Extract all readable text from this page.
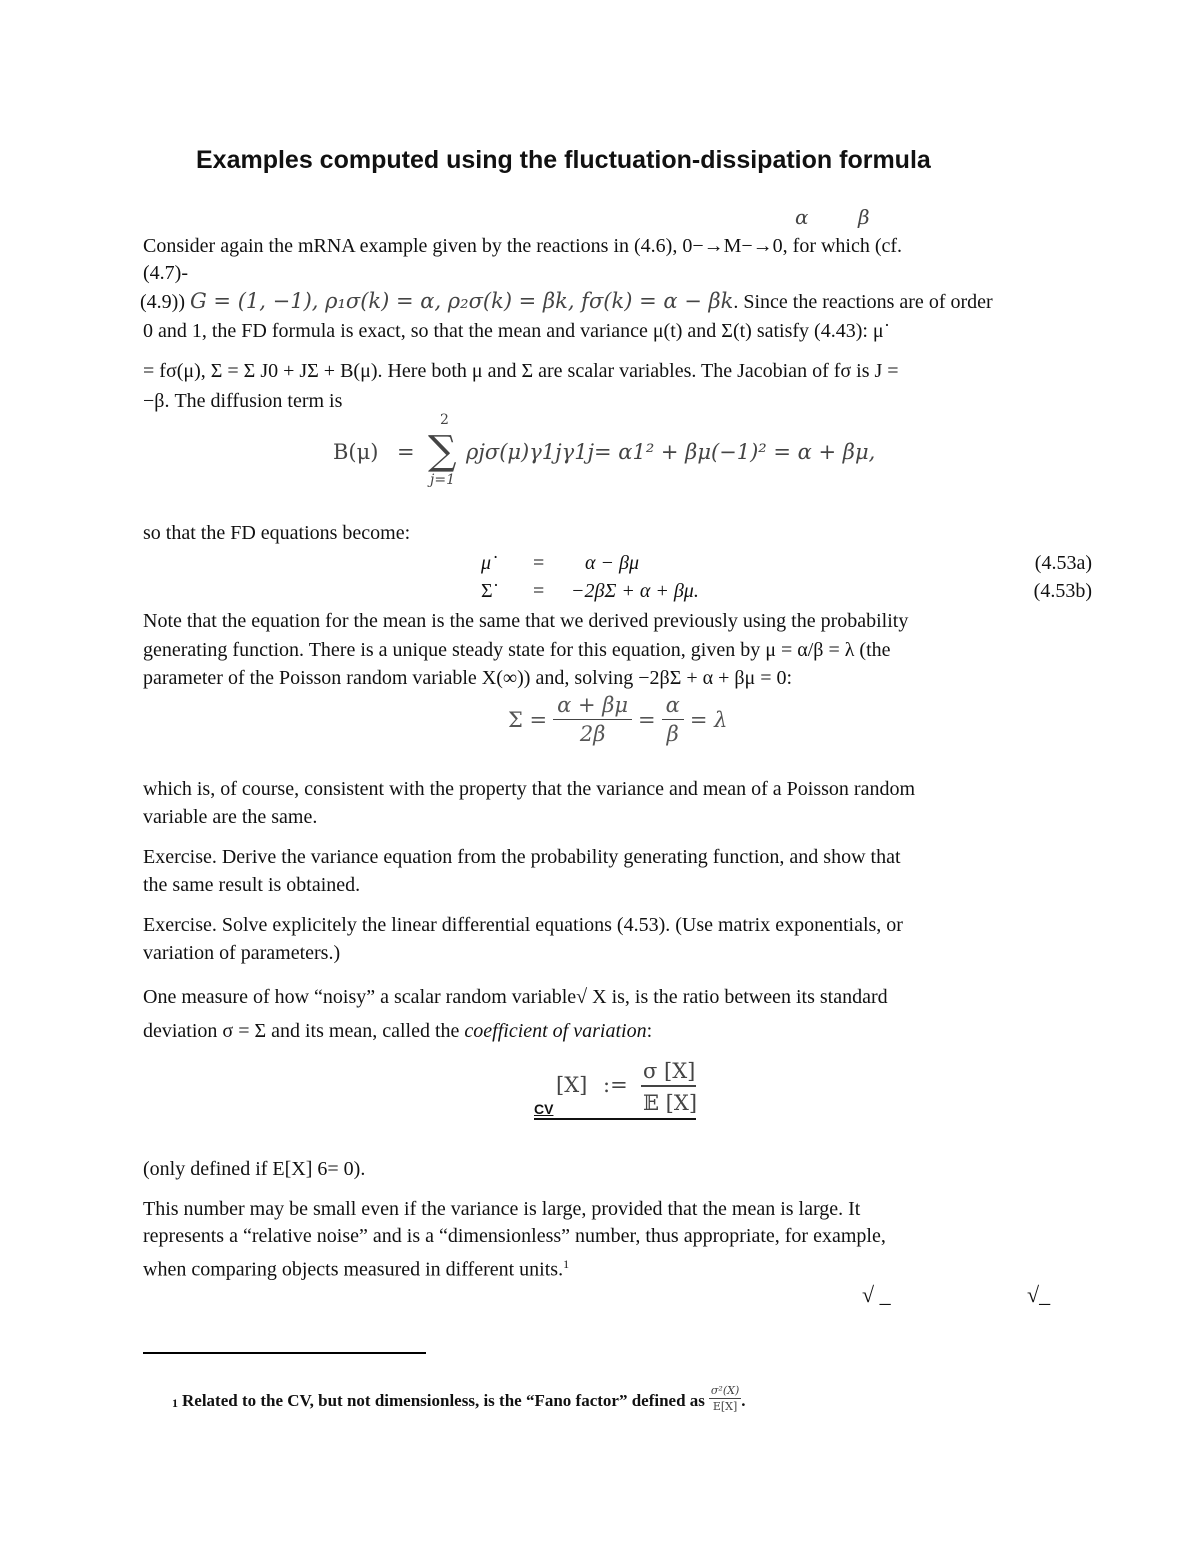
Examples computed using the fluctuation-dissipation formula
α β
Consider again the mRNA example given by the reactions in (4.6), 0−→M−→0, for which (cf.
(4.7)-
(4.9)) G = (1, −1), ρ₁σ(k) = α, ρ₂σ(k) = βk, fσ(k) = α − βk. Since the reactions are of order
0 and 1, the FD formula is exact, so that the mean and variance μ(t) and Σ(t) satisfy (4.43): μ˙
= fσ(μ), Σ = Σ J0 + JΣ + B(μ). Here both μ and Σ are scalar variables. The Jacobian of fσ is J =
−β. The diffusion term is
B(μ) =
2
∑
j=1
ρjσ(μ)γ1jγ1j = α1² + βμ(−1)² = α + βμ,
so that the FD equations become:
μ˙ = α − βμ	(4.53a)
Σ˙ = −2βΣ + α + βμ.	(4.53b)
Note that the equation for the mean is the same that we derived previously using the probability
generating function. There is a unique steady state for this equation, given by μ = α/β = λ (the
parameter of the Poisson random variable X(∞)) and, solving −2βΣ + α + βμ = 0:
$\Sigma = \frac{\alpha + \beta\mu}{2\beta} = \frac{\alpha}{\beta} = \lambda$
which is, of course, consistent with the property that the variance and mean of a Poisson random
variable are the same.
Exercise. Derive the variance equation from the probability generating function, and show that
the same result is obtained.
Exercise. Solve explicitely the linear differential equations (4.53). (Use matrix exponentials, or
variation of parameters.)
One measure of how “noisy” a scalar random variable√ X is, is the ratio between its standard
deviation σ = Σ and its mean, called the coefficient of variation:
[X] :=
σ [X]
𝔼 [X]
CV
(only defined if E[X] 6= 0).
This number may be small even if the variance is large, provided that the mean is large. It
represents a “relative noise” and is a “dimensionless” number, thus appropriate, for example,
when comparing objects measured in different units.$^1$
√ _	√_
1 Related to the CV, but not dimensionless, is the “Fano factor” defined as $\frac{\text{σ²(X)}}{E[X]}$ .
